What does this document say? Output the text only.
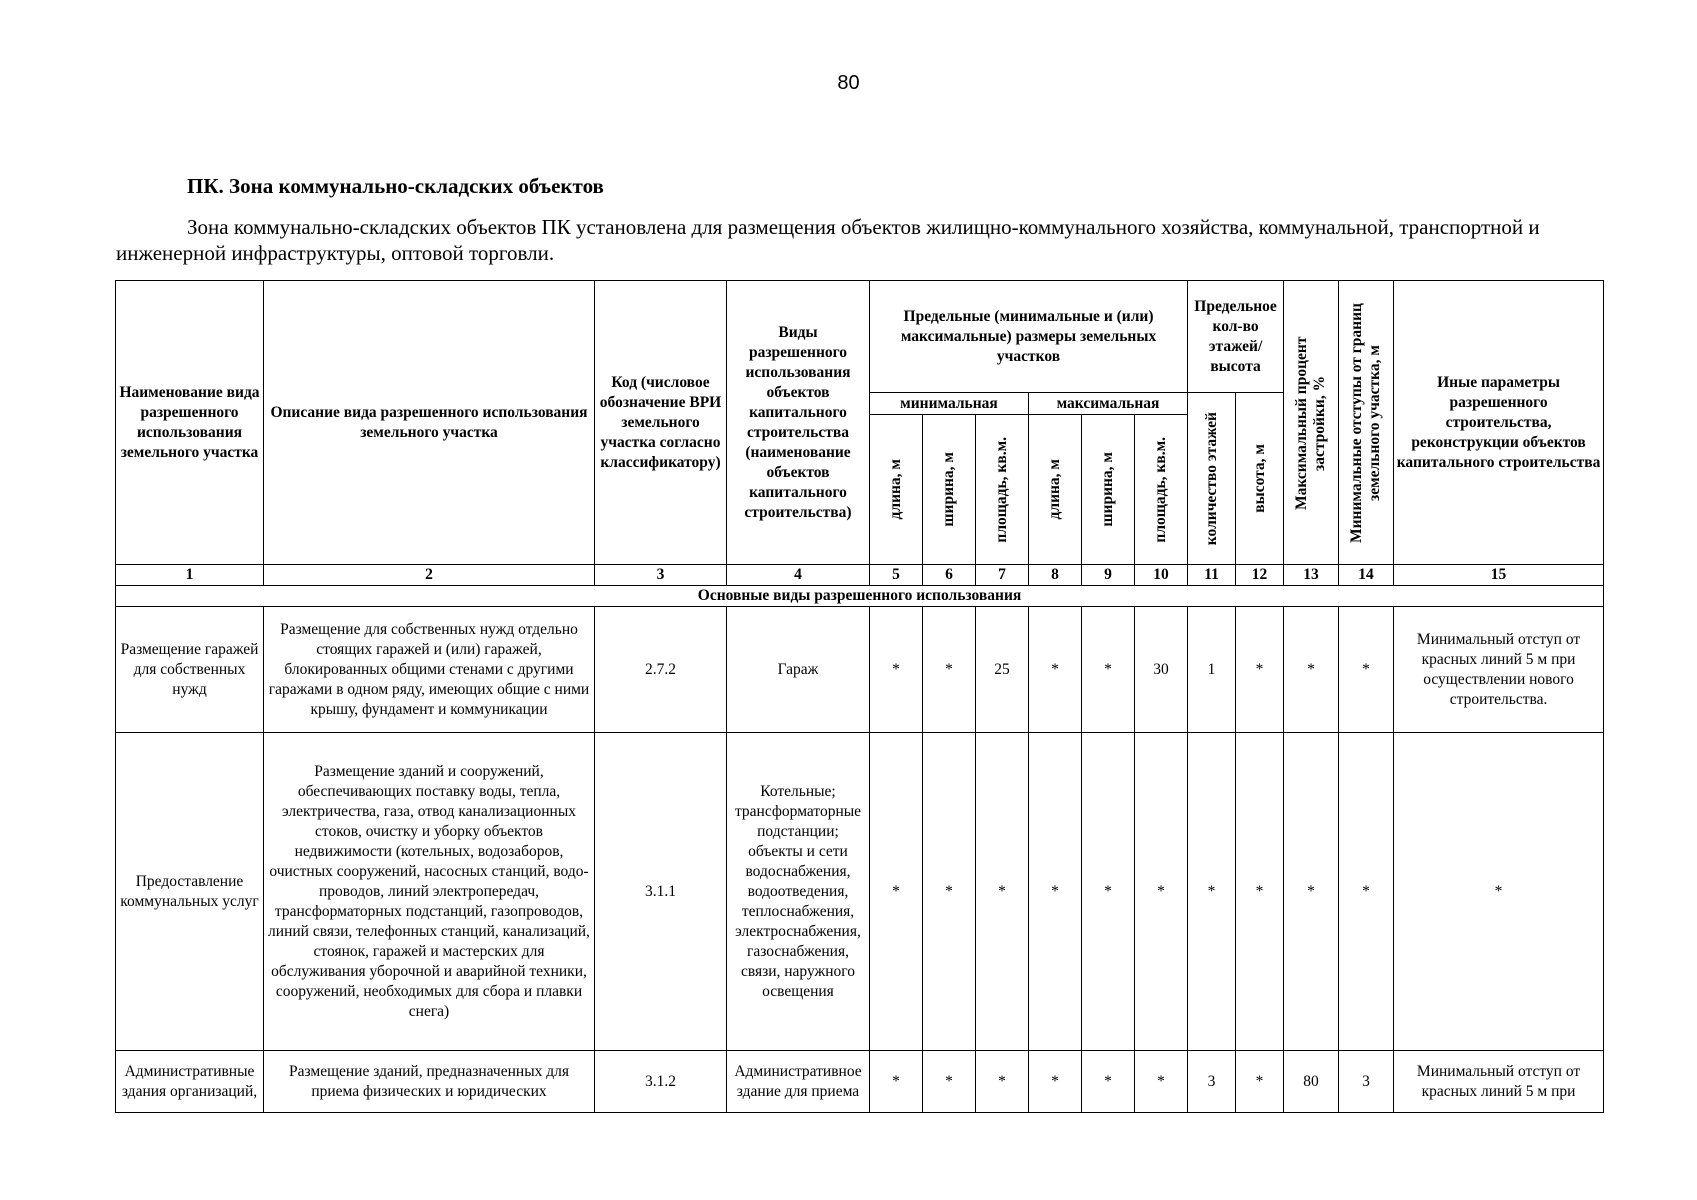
80
ПК. Зона коммунально-складских объектов

Зона коммунально-складских объектов ПК установлена для размещения объектов жилищно-коммунального хозяйства, коммунальной, транспортной и инженерной инфраструктуры, оптовой торговли.

Наименование вида разрешенного использования земельного участка	Описание вида разрешенного использования земельного участка	Код (числовое обозначение ВРИ земельного участка согласно классификатору)	Виды разрешенного использования объектов капитального строительства (наименование объектов капитального строительства)	Предельные (минимальные и (или) максимальные) размеры земельных участков						Предельное кол-во этажей/ высота		Максимальный процент застройки, %	Минимальные отступы от границ земельного участка, м	Иные параметры разрешенного строительства, реконструкции объектов капитального строительства
				минимальная			максимальная			количество этажей	высота, м			

				длина, м	ширина, м	площадь, кв.м.	длина, м	ширина, м	площадь, кв.м.					

1	2	3	4	5	6	7	8	9	10	11	12	13	14	15
Основные виды разрешенного использования														
Размещение гаражей для собственных нужд	Размещение для собственных нужд отдельно стоящих гаражей и (или) гаражей, блокированных общими стенами с другими гаражами в одном ряду, имеющих общие с ними крышу, фундамент и коммуникации	2.7.2	Гараж	*	*	25	*	*	30	1	*	*	*	Минимальный отступ от красных линий 5 м при осуществлении нового строительства.
Предоставление коммунальных услуг	Размещение зданий и сооружений, обеспечивающих поставку воды, тепла, электричества, газа, отвод канализационных стоков, очистку и уборку объектов недвижимости (котельных, водозаборов, очистных сооружений, насосных станций, водо-проводов, линий электропередач, трансформаторных подстанций, газопроводов, линий связи, телефонных станций, канализаций, стоянок, гаражей и мастерских для обслуживания уборочной и аварийной техники, сооружений, необходимых для сбора и плавки снега)	3.1.1	Котельные; трансформаторные подстанции; объекты и сети водоснабжения, водоотведения, теплоснабжения, электроснабжения, газоснабжения, связи, наружного освещения	*	*	*	*	*	*	*	*	*	*	*
Административные здания организаций,	Размещение зданий, предназначенных для приема физических и юридических	3.1.2	Административное здание для приема	*	*	*	*	*	*	3	*	80	3	Минимальный отступ от красных линий 5 м при
